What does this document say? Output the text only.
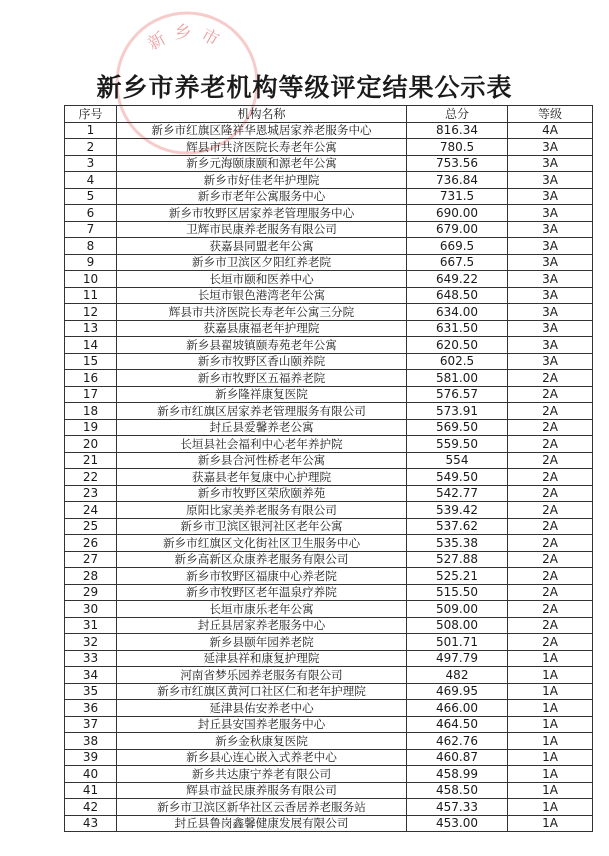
新乡市
新乡市养老机构等级评定结果公示表
序号	机构名称	总分	等级
1	新乡市红旗区隆祥华恩城居家养老服务中心	816.34	4A
2	辉县市共济医院长寿老年公寓	780.5	3A
3	新乡元海颐康颐和源老年公寓	753.56	3A
4	新乡市好佳老年护理院	736.84	3A
5	新乡市老年公寓服务中心	731.5	3A
6	新乡市牧野区居家养老管理服务中心	690.00	3A
7	卫辉市民康养老服务有限公司	679.00	3A
8	获嘉县同盟老年公寓	669.5	3A
9	新乡市卫滨区夕阳红养老院	667.5	3A
10	长垣市颐和医养中心	649.22	3A
11	长垣市银色港湾老年公寓	648.50	3A
12	辉县市共济医院长寿老年公寓三分院	634.00	3A
13	获嘉县康福老年护理院	631.50	3A
14	新乡县翟坡镇颐寿苑老年公寓	620.50	3A
15	新乡市牧野区香山颐养院	602.5	3A
16	新乡市牧野区五福养老院	581.00	2A
17	新乡隆祥康复医院	576.57	2A
18	新乡市红旗区居家养老管理服务有限公司	573.91	2A
19	封丘县爱馨养老公寓	569.50	2A
20	长垣县社会福利中心老年养护院	559.50	2A
21	新乡县合河性桥老年公寓	554	2A
22	获嘉县老年复康中心护理院	549.50	2A
23	新乡市牧野区荣欣颐养苑	542.77	2A
24	原阳比家美养老服务有限公司	539.42	2A
25	新乡市卫滨区银河社区老年公寓	537.62	2A
26	新乡市红旗区文化街社区卫生服务中心	535.38	2A
27	新乡高新区众康养老服务有限公司	527.88	2A
28	新乡市牧野区福康中心养老院	525.21	2A
29	新乡市牧野区老年温泉疗养院	515.50	2A
30	长垣市康乐老年公寓	509.00	2A
31	封丘县居家养老服务中心	508.00	2A
32	新乡县颐年园养老院	501.71	2A
33	延津县祥和康复护理院	497.79	1A
34	河南省梦乐园养老服务有限公司	482	1A
35	新乡市红旗区黄河口社区仁和老年护理院	469.95	1A
36	延津县佑安养老中心	466.00	1A
37	封丘县安国养老服务中心	464.50	1A
38	新乡金秋康复医院	462.76	1A
39	新乡县心连心嵌入式养老中心	460.87	1A
40	新乡共达康宁养老有限公司	458.99	1A
41	辉县市益民康养服务有限公司	458.50	1A
42	新乡市卫滨区新华社区云香居养老服务站	457.33	1A
43	封丘县鲁岗鑫馨健康发展有限公司	453.00	1A
